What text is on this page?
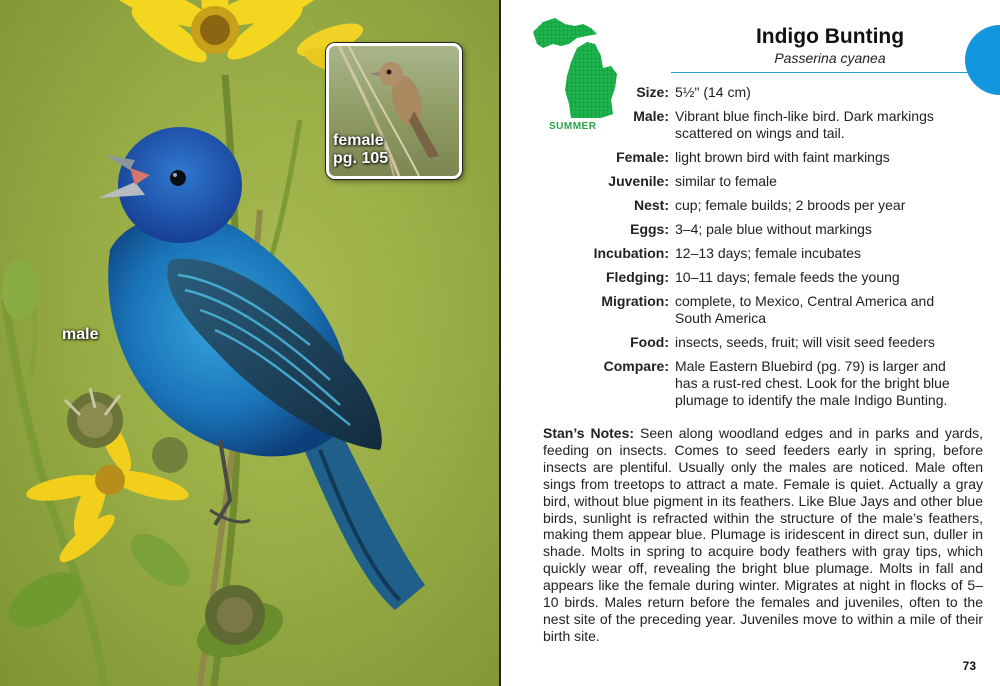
male
female
pg. 105
SUMMER
Indigo Bunting
Passerina cyanea
Size: 5½" (14 cm)
Male: Vibrant blue finch-like bird. Dark markings scattered on wings and tail.
Female: light brown bird with faint markings
Juvenile: similar to female
Nest: cup; female builds; 2 broods per year
Eggs: 3–4; pale blue without markings
Incubation: 12–13 days; female incubates
Fledging: 10–11 days; female feeds the young
Migration: complete, to Mexico, Central America and South America
Food: insects, seeds, fruit; will visit seed feeders
Compare: Male Eastern Bluebird (pg. 79) is larger and has a rust-red chest. Look for the bright blue plumage to identify the male Indigo Bunting.
Stan’s Notes: Seen along woodland edges and in parks and yards, feeding on insects. Comes to seed feeders early in spring, before insects are plentiful. Usually only the males are noticed. Male often sings from treetops to attract a mate. Female is quiet. Actually a gray bird, without blue pigment in its feathers. Like Blue Jays and other blue birds, sunlight is refracted within the structure of the male’s feathers, making them appear blue. Plumage is iridescent in direct sun, duller in shade. Molts in spring to acquire body feathers with gray tips, which quickly wear off, revealing the bright blue plumage. Molts in fall and appears like the female during winter. Migrates at night in flocks of 5–10 birds. Males return before the females and juveniles, often to the nest site of the preceding year. Juveniles move to within a mile of their birth site.
73
